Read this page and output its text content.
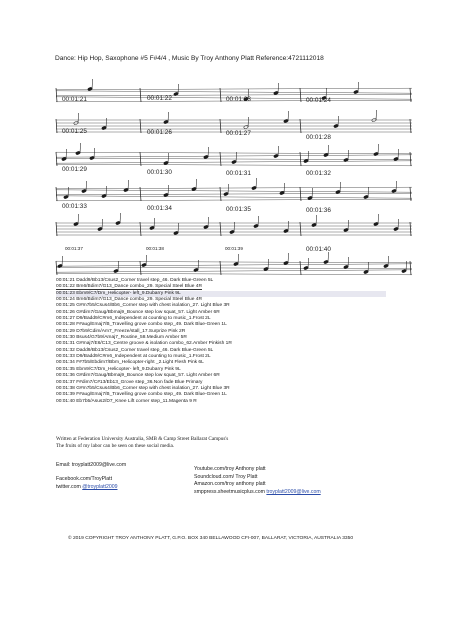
Dance: Hip Hop, Saxophone #5 F#4/4 , Music By Troy Anthony Platt Reference:4721112018
00:01:21	00:01:22	00:01:23	00:01:24
00:01:25	00:01:26	00:01:27
00:01:28
00:01:29	00:01:30	00:01:31	00:01:32
00:01:33	00:01:34	00:01:35	00:01:36
00:01:37	00:01:38	00:01:39	00:01:40
00:01:21 Dadd9/Bb13/Csus2_Corner travel step_46. Dark Blue-Green 5L
00:01:22 Bm6/Bdim7/G13_Dance combo_29. Special Steel Blue 4R
00:01:23 Ebm9/C7/Dm_Helicopter- left_9.Dubarry Pink 9L
00:01:24 Bm6/Bdim7/G13_Dance combo_29. Special Steel Blue 4R
00:01:25 G#m7b5/Csus4/Bb6_Corner step with chest isolation_27. Light Blue 3R
00:01:26 G#dim7/Gaug/Bbmaj9_Bounce step low squat_57. Light Amber 6R
00:01:27 D9/Badd9/C#m6_Independent at counting to music_1.Frost 2L
00:01:28 F#aug/Emaj7/B_Travelling grove combo step_49. Dark Blue-Green 1L
00:01:29 D7b9/Cdim/Am7_Freeze/stall_17.Surprize Pink 2R
00:01:30 Bsus4/G7b9/Amaj7_Routine_58.Medium Amber 5R
00:01:31 G#maj7/E6/C13_Centre groove & isolation combo_62.Amber Pinkish 1R
00:01:32 Dadd9/Bb13/Csus2_Corner travel step_46. Dark Blue-Green 5L
00:01:33 D9/Badd9/C#m6_Independent at counting to music_1.Frost 2L
00:01:34 F#7b5/Ebdim7/Bbm_Helicopter-right _2.Light Flesh Pink 6L
00:01:35 Ebm9/C7/Dm_Helicopter- left_9.Dubarry Pink 9L
00:01:36 G#dim7/Gaug/Bbmaj9_Bounce step low squat_57. Light Amber 6R
00:01:37 F#dim7/C#13/Eb13_Grove step_36.Non fade Blue Primary
00:01:38 G#m7b5/Csus4/Bb6_Corner step with chest isolation_27. Light Blue 3R
00:01:39 F#aug/Emaj7/B_Travelling grove combo step_49. Dark Blue-Green 1L
00:01:40 Eb7b5/Asus2/D7_Knee Lift corner step_11.Magenta 9 R
Written at Federation University Australia, SMB & Camp Street Ballarat Campus's
The fruits of my labor can be seen on these social media.
Email: troyplatt2009@live.com
Facebook.com/TroyPlatt
twitter.com @troyplatt2009
Youtube.com/troy Anthony platt
Soundcloud.com/ Troy Platt
Amazon.com/troy anthony platt
smppress.sheetmusicplus.com troyplatt2009@live.com
© 2019 COPYRIGHT TROY ANTHONY PLATT, G.P.O. BOX 340 BELLAWOOD CFI-007, BALLARAT, VICTORIA, AUSTRALIA 3350
